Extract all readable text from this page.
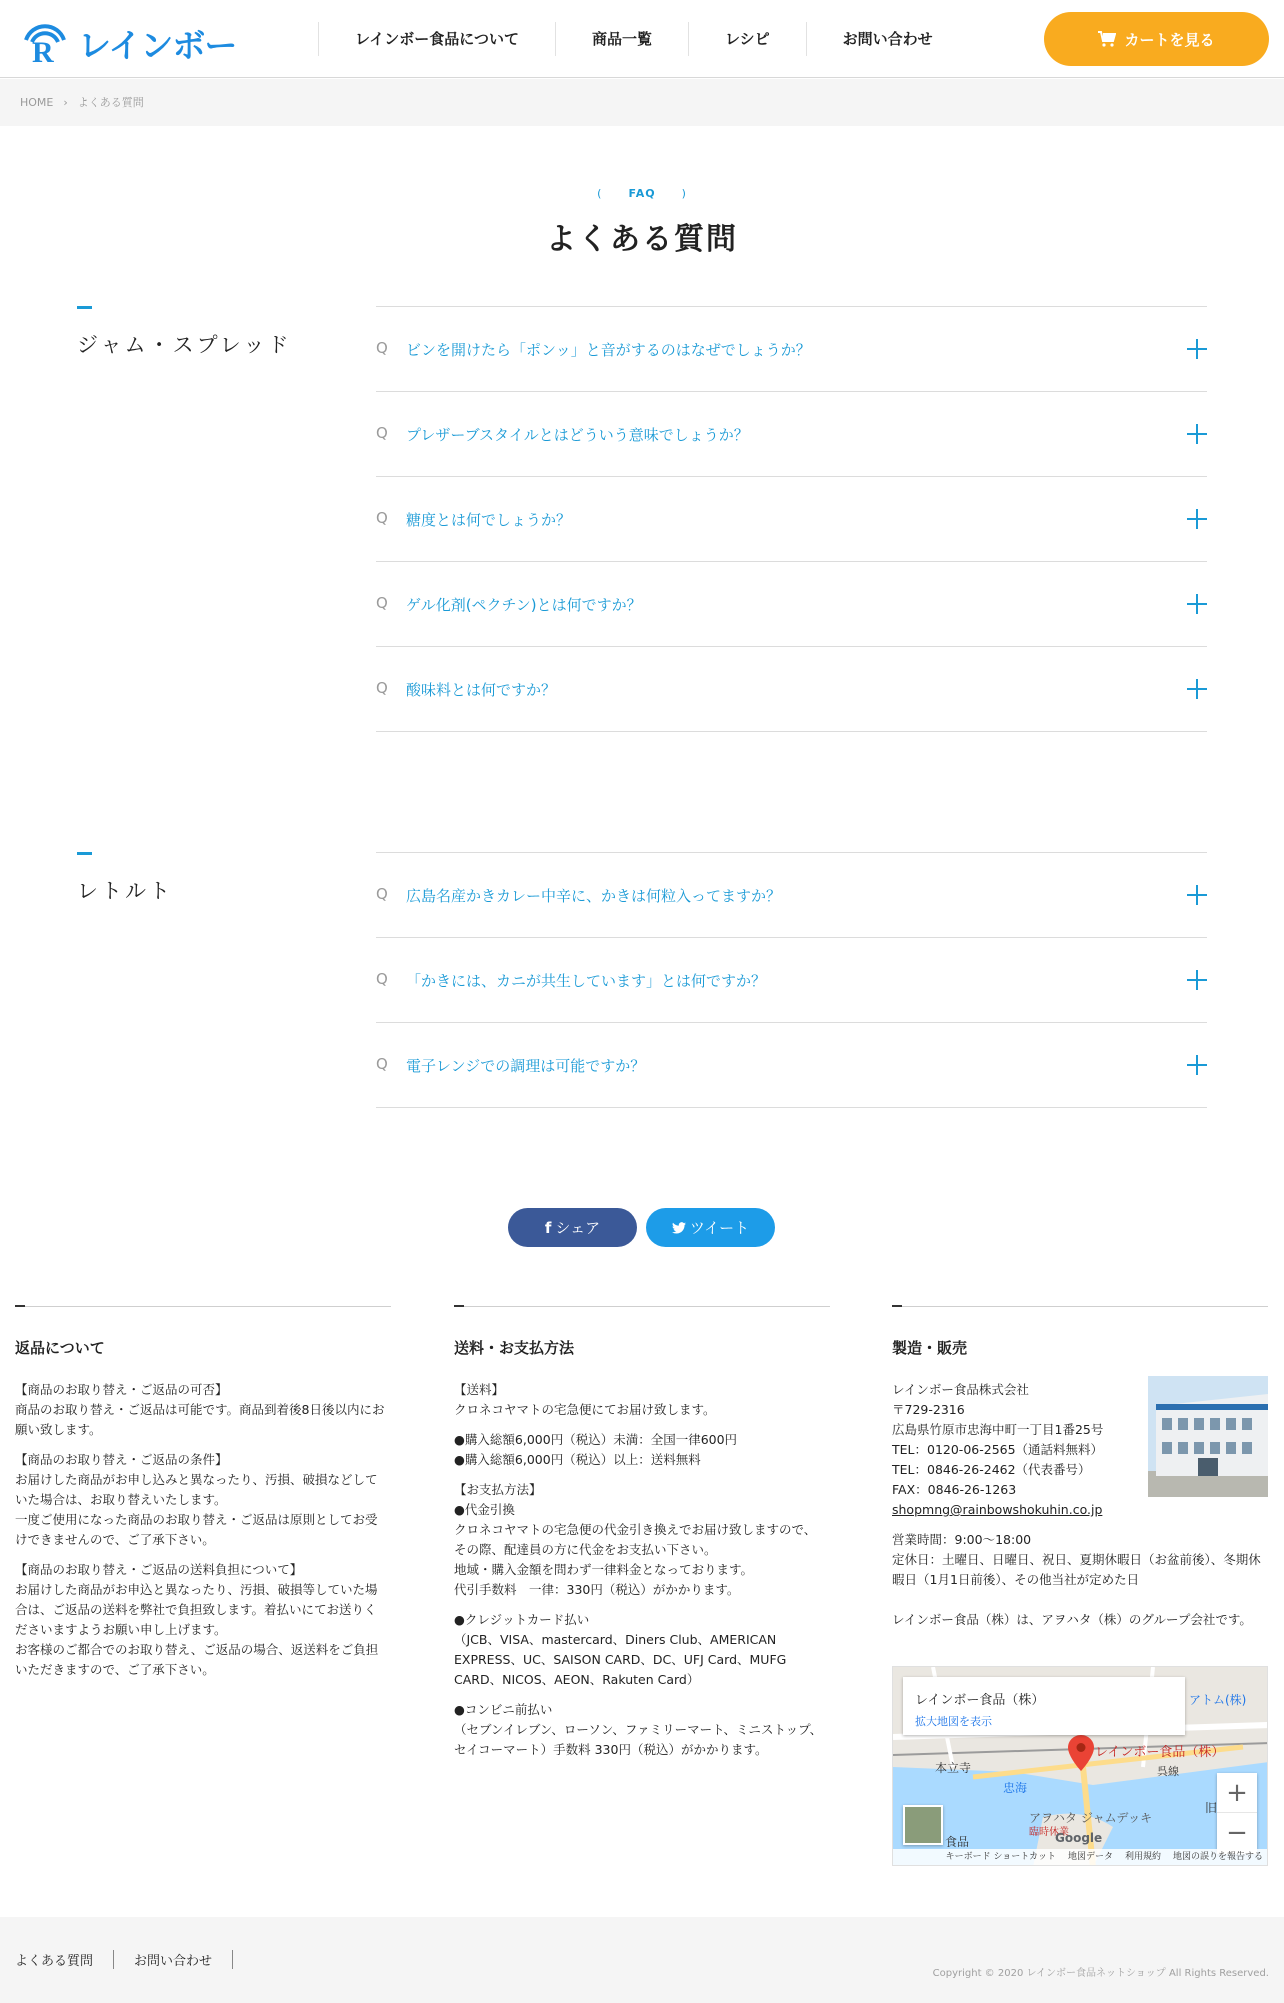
R レインボー	レインボー食品について	商品一覧	レシピ	お問い合わせ	カートを見る
HOME › よくある質問
( FAQ )
よくある質問
ジャム・スプレッド	Q ビンを開けたら「ポンッ」と音がするのはなぜでしょうか？
Q プレザーブスタイルとはどういう意味でしょうか？
Q 糖度とは何でしょうか？
Q ゲル化剤(ペクチン)とは何ですか？
Q 酸味料とは何ですか？
レトルト	Q 広島名産かきカレー中辛に、かきは何粒入ってますか？
Q 「かきには、カニが共生しています」とは何ですか？
Q 電子レンジでの調理は可能ですか？
f シェア	ツイート
返品について

【商品のお取り替え・ご返品の可否】
商品のお取り替え・ご返品は可能です。商品到着後8日後以内にお願い致します。

【商品のお取り替え・ご返品の条件】
お届けした商品がお申し込みと異なったり、汚損、破損などしていた場合は、お取り替えいたします。
一度ご使用になった商品のお取り替え・ご返品は原則としてお受けできませんので、ご了承下さい。

【商品のお取り替え・ご返品の送料負担について】
お届けした商品がお申込と異なったり、汚損、破損等していた場合は、ご返品の送料を弊社で負担致します。着払いにてお送りくださいますようお願い申し上げます。
お客様のご都合でのお取り替え、ご返品の場合、返送料をご負担いただきますので、ご了承下さい。

送料・お支払方法

【送料】
クロネコヤマトの宅急便にてお届け致します。

●購入総額6,000円（税込）未満：全国一律600円
●購入総額6,000円（税込）以上：送料無料

【お支払方法】
●代金引換
クロネコヤマトの宅急便の代金引き換えでお届け致しますので、その際、配達員の方に代金をお支払い下さい。
地域・購入金額を問わず一律料金となっております。
代引手数料　一律：330円（税込）がかかります。

●クレジットカード払い
（JCB、VISA、mastercard、Diners Club、AMERICAN EXPRESS、UC、SAISON CARD、DC、UFJ Card、MUFG CARD、NICOS、AEON、Rakuten Card）

●コンビニ前払い
（セブンイレブン、ローソン、ファミリーマート、ミニストップ、セイコーマート）手数料 330円（税込）がかかります。

製造・販売
レインボー食品株式会社
〒729-2316
広島県竹原市忠海中町一丁目1番25号
TEL：0120-06-2565（通話料無料）
TEL：0846-26-2462（代表番号）
FAX：0846-26-1263
shopmng@rainbowshokuhin.co.jp
営業時間：9:00〜18:00
定休日：土曜日、日曜日、祝日、夏期休暇日（お盆前後）、冬期休暇日（1月1日前後）、その他当社が定めた日
レインボー食品（株）は、アヲハタ（株）のグループ会社です。
レインボー食品（株）
本立寺
忠海
アヲハタ ジャムデッキ
臨時休業
呉線
アトム(株)
旧
食品
レインボー食品（株）
拡大地図を表示
Google
+
−
キーボード ショートカット 地図データ 利用規約 地図の誤りを報告する
よくある質問	お問い合わせ
Copyright © 2020 レインボー食品ネットショップ All Rights Reserved.
